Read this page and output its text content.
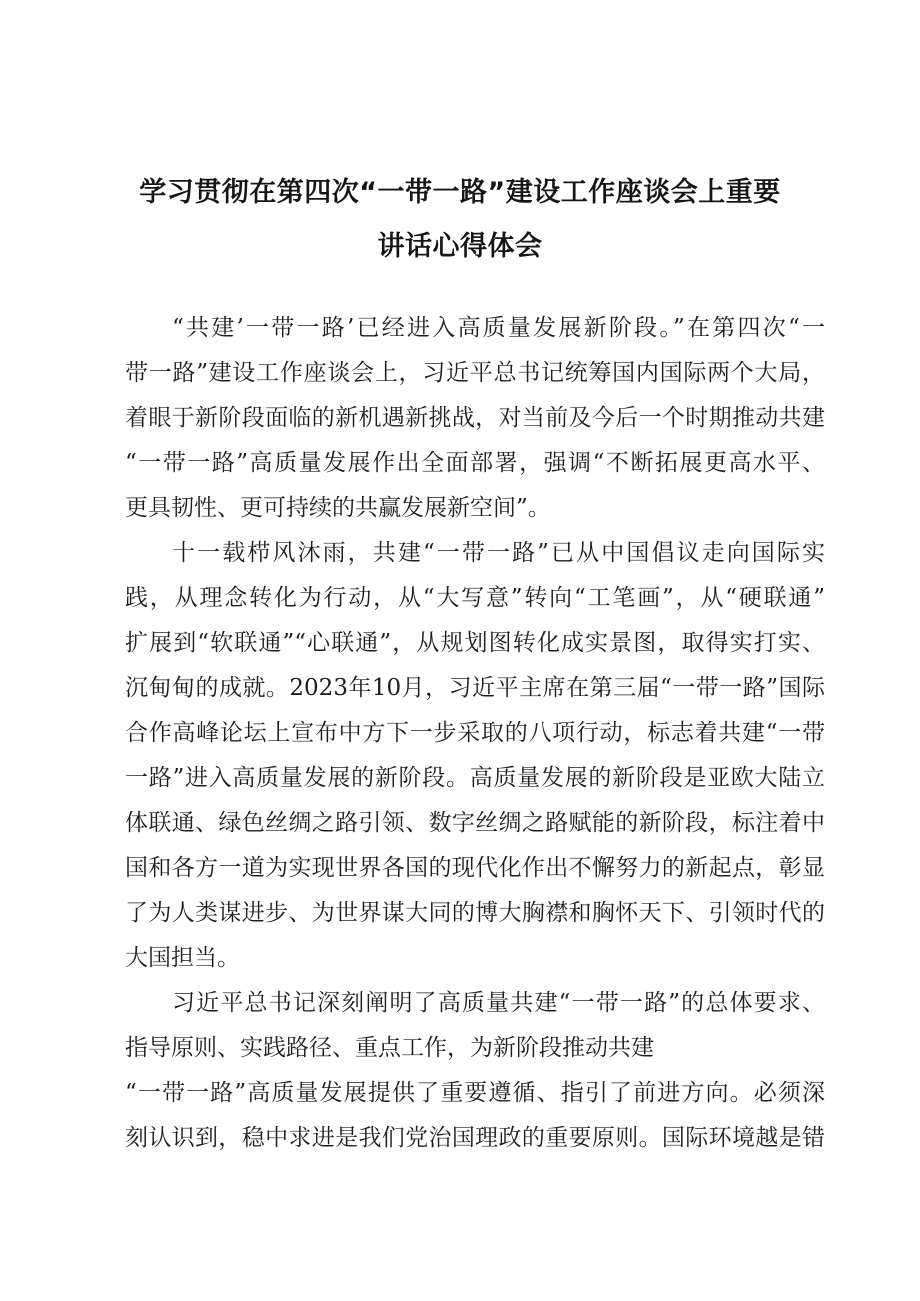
学习贯彻在第四次“一带一路”建设工作座谈会上重要
讲话心得体会
“共建’一带一路’已经进入高质量发展新阶段。”在第四次“一
带一路”建设工作座谈会上，习近平总书记统筹国内国际两个大局，
着眼于新阶段面临的新机遇新挑战，对当前及今后一个时期推动共建
“一带一路”高质量发展作出全面部署，强调“不断拓展更高水平、
更具韧性、更可持续的共赢发展新空间”。
十一载栉风沐雨，共建“一带一路”已从中国倡议走向国际实
践，从理念转化为行动，从“大写意”转向“工笔画”，从“硬联通”
扩展到“软联通”“心联通”，从规划图转化成实景图，取得实打实、
沉甸甸的成就。2023年10月，习近平主席在第三届“一带一路”国际
合作高峰论坛上宣布中方下一步采取的八项行动，标志着共建“一带
一路”进入高质量发展的新阶段。高质量发展的新阶段是亚欧大陆立
体联通、绿色丝绸之路引领、数字丝绸之路赋能的新阶段，标注着中
国和各方一道为实现世界各国的现代化作出不懈努力的新起点，彰显
了为人类谋进步、为世界谋大同的博大胸襟和胸怀天下、引领时代的
大国担当。
习近平总书记深刻阐明了高质量共建“一带一路”的总体要求、
指导原则、实践路径、重点工作，为新阶段推动共建
“一带一路”高质量发展提供了重要遵循、指引了前进方向。必须深
刻认识到，稳中求进是我们党治国理政的重要原则。国际环境越是错
